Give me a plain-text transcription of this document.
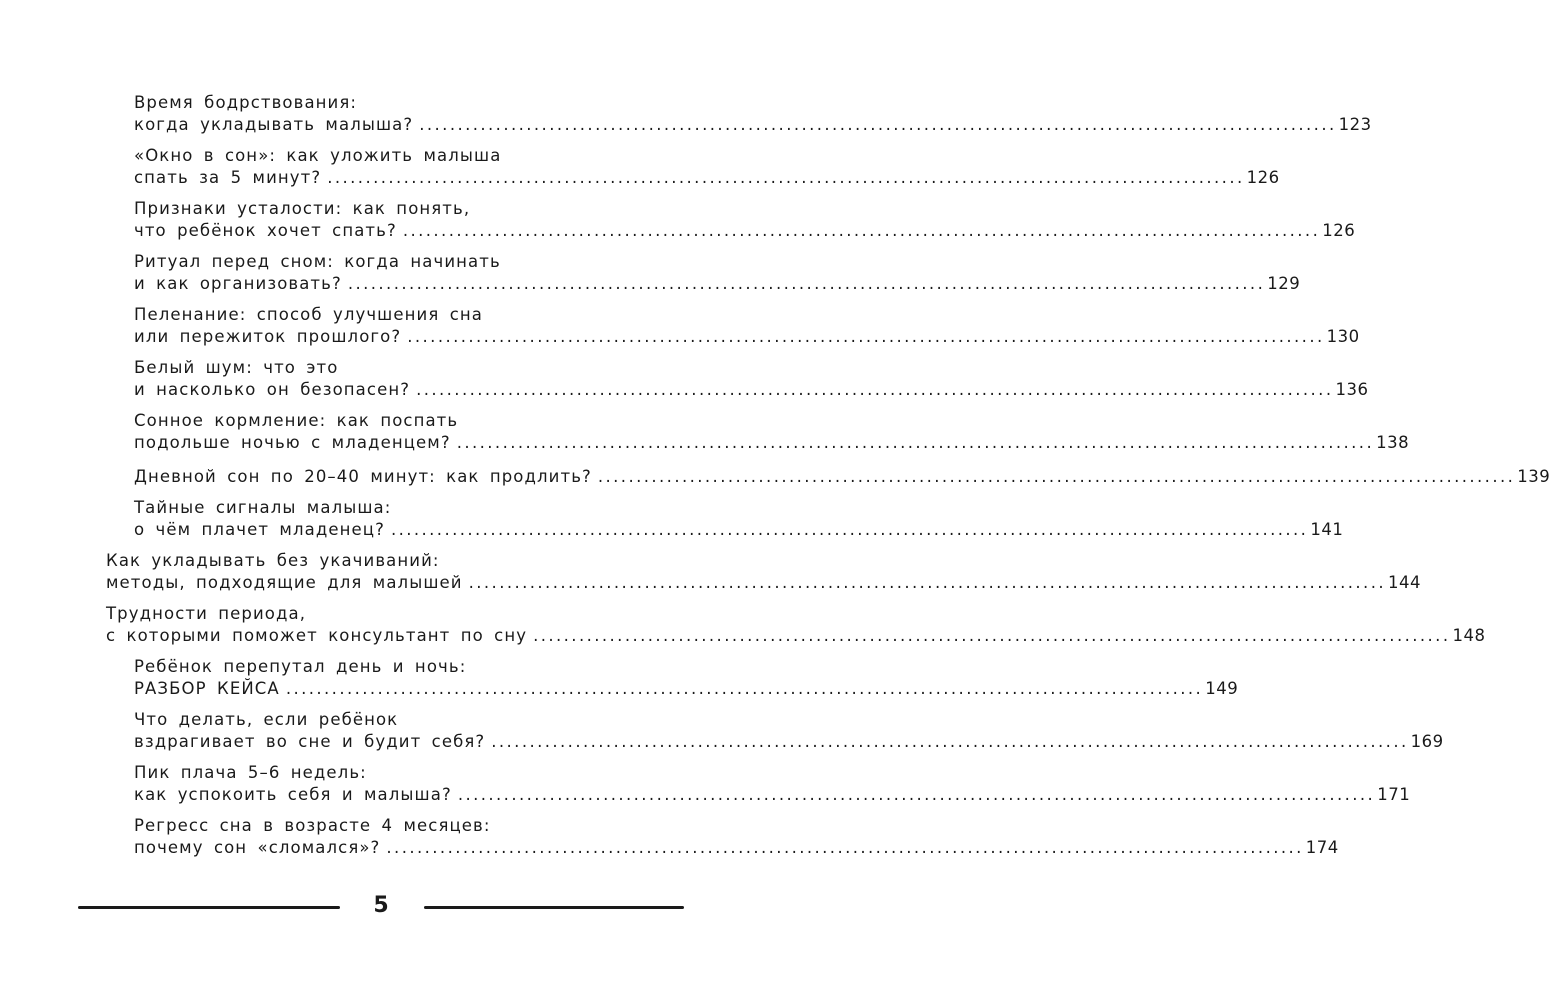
Время бодрствования:
когда укладывать малыша? ........................................................................................................................ 123
«Окно в сон»: как уложить малыша
спать за 5 минут? ........................................................................................................................ 126
Признаки усталости: как понять,
что ребёнок хочет спать? ........................................................................................................................ 126
Ритуал перед сном: когда начинать
и как организовать? ........................................................................................................................ 129
Пеленание: способ улучшения сна
или пережиток прошлого? ........................................................................................................................ 130
Белый шум: что это
и насколько он безопасен? ........................................................................................................................ 136
Сонное кормление: как поспать
подольше ночью с младенцем? ........................................................................................................................ 138
Дневной сон по 20–40 минут: как продлить? ........................................................................................................................ 139
Тайные сигналы малыша:
о чём плачет младенец? ........................................................................................................................ 141
Как укладывать без укачиваний:
методы, подходящие для малышей ........................................................................................................................ 144
Трудности периода,
с которыми поможет консультант по сну ........................................................................................................................ 148
Ребёнок перепутал день и ночь:
РАЗБОР КЕЙСА ........................................................................................................................ 149
Что делать, если ребёнок
вздрагивает во сне и будит себя? ........................................................................................................................ 169
Пик плача 5–6 недель:
как успокоить себя и малыша? ........................................................................................................................ 171
Регресс сна в возрасте 4 месяцев:
почему сон «сломался»? ........................................................................................................................ 174
5
